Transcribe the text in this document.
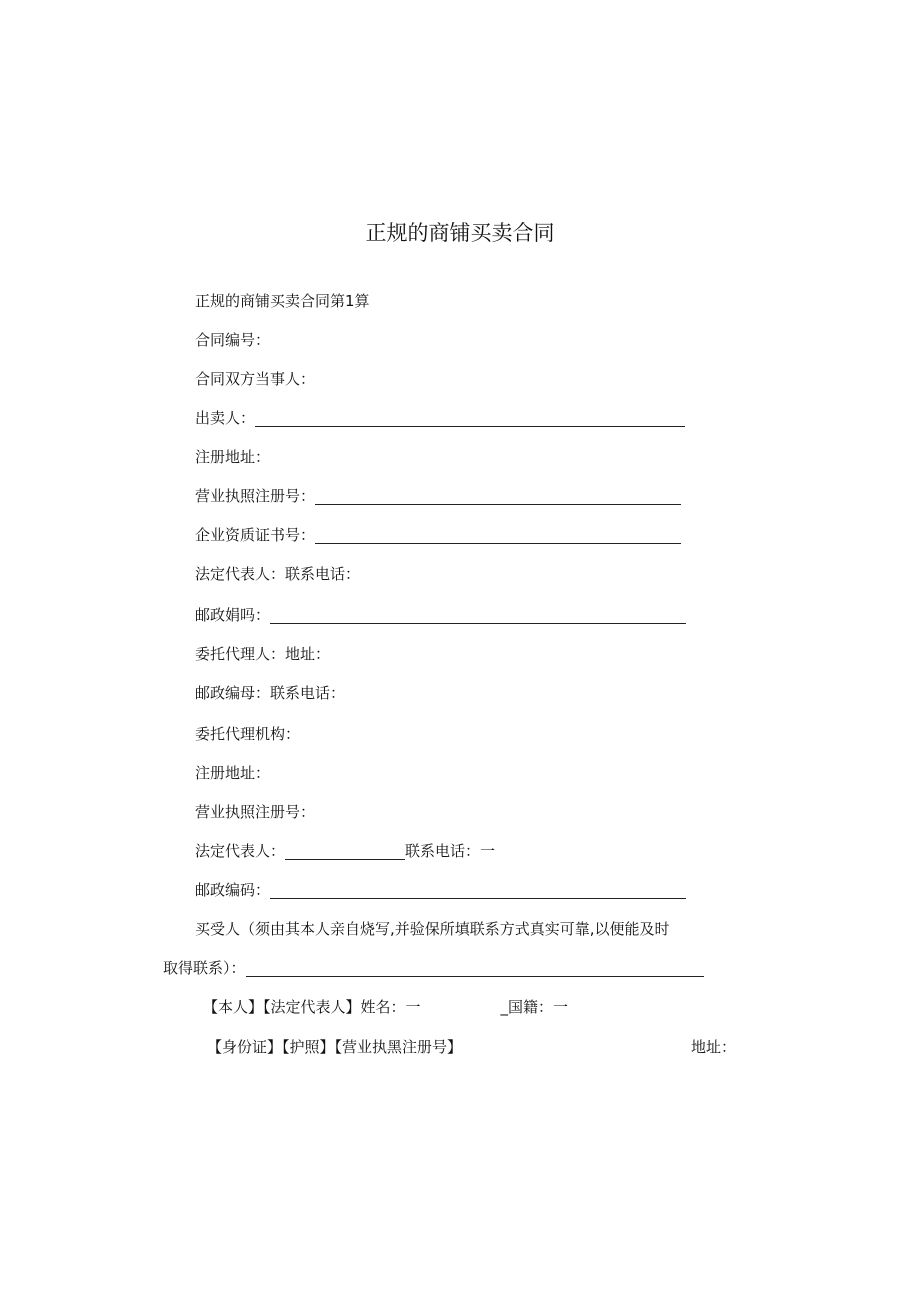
正规的商铺买卖合同
正规的商铺买卖合同第1算
合同编号：
合同双方当事人：
出卖人：
注册地址：
营业执照注册号：
企业资质证书号：
法定代表人：联系电话：
邮政娟吗：
委托代理人：地址：
邮政编母：联系电话：
委托代理机构：
注册地址：
营业执照注册号：
法定代表人：	联系电话：一
邮政编码：
买受人（须由其本人亲自烧写,并验保所填联系方式真实可靠,以便能及时
取得联系）：
【本人】【法定代表人】姓名：一	_国籍：一
【身份证】【护照】【营业执黑注册号】	地址：
